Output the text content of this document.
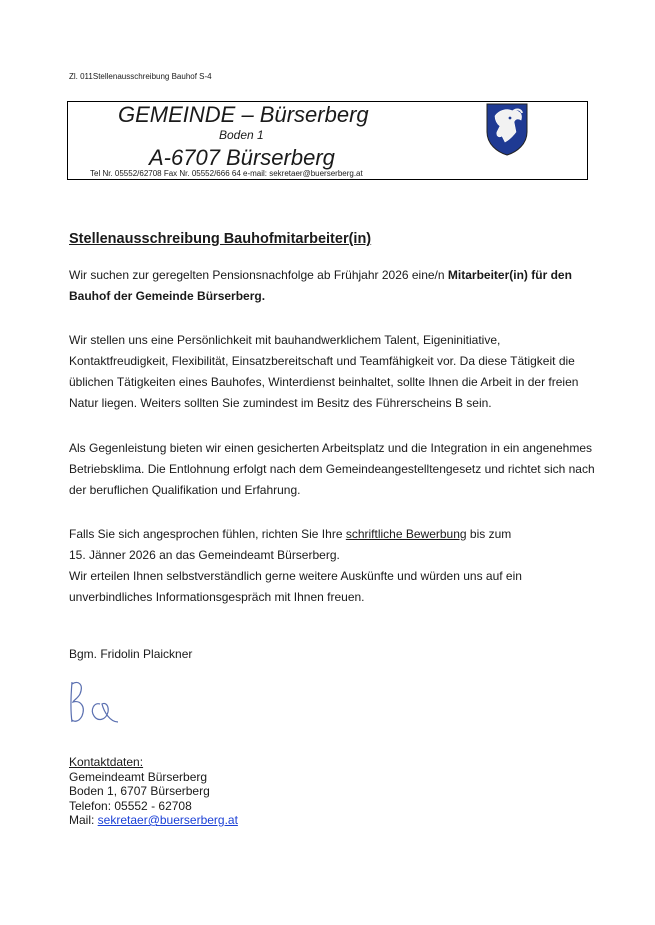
Zl. 011Stellenausschreibung Bauhof S-4
GEMEINDE – Bürserberg
Boden 1
A-6707 Bürserberg
Tel Nr. 05552/62708 Fax Nr. 05552/666 64 e-mail: sekretaer@buerserberg.at
Stellenausschreibung Bauhofmitarbeiter(in)
Wir suchen zur geregelten Pensionsnachfolge ab Frühjahr 2026 eine/n Mitarbeiter(in) für den Bauhof der Gemeinde Bürserberg.
Wir stellen uns eine Persönlichkeit mit bauhandwerklichem Talent, Eigeninitiative, Kontaktfreudigkeit, Flexibilität, Einsatzbereitschaft und Teamfähigkeit vor. Da diese Tätigkeit die üblichen Tätigkeiten eines Bauhofes, Winterdienst beinhaltet, sollte Ihnen die Arbeit in der freien Natur liegen. Weiters sollten Sie zumindest im Besitz des Führerscheins B sein.
Als Gegenleistung bieten wir einen gesicherten Arbeitsplatz und die Integration in ein angenehmes Betriebsklima. Die Entlohnung erfolgt nach dem Gemeindeangestelltengesetz und richtet sich nach der beruflichen Qualifikation und Erfahrung.
Falls Sie sich angesprochen fühlen, richten Sie Ihre schriftliche Bewerbung bis zum
15. Jänner 2026 an das Gemeindeamt Bürserberg.
Wir erteilen Ihnen selbstverständlich gerne weitere Auskünfte und würden uns auf ein unverbindliches Informationsgespräch mit Ihnen freuen.
Bgm. Fridolin Plaickner
Kontaktdaten:
Gemeindeamt Bürserberg
Boden 1, 6707 Bürserberg
Telefon: 05552 - 62708
Mail: sekretaer@buerserberg.at
